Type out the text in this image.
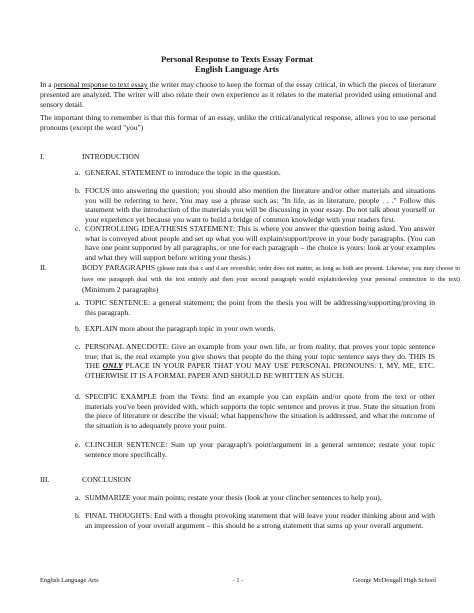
Personal Response to Texts Essay Format
English Language Arts
In a personal response to text essay the writer may choose to keep the format of the essay critical, in which the pieces of literature presented are analyzed. The writer will also relate their own experience as it relates to the material provided using emotional and sensory detail.
The important thing to remember is that this format of an essay, unlike the critical/analytical response, allows you to use personal pronouns (except the word "you")
I.	INTRODUCTION
a. GENERAL STATEMENT to introduce the topic in the question.
b. FOCUS into answering the question; you should also mention the literature and/or other materials and situations you will be referring to here. You may use a phrase such as: "In life, as in literature, people . . ." Follow this statement with the introduction of the materials you will be discussing in your essay. Do not talk about yourself or your experience yet because you want to build a bridge of common knowledge with your readers first.
c. CONTROLLING IDEA/THESIS STATEMENT: This is where you answer the question being asked. You answer what is conveyed about people and set up what you will explain/support/prove in your body paragraphs. (You can have one point supported by all paragraphs, or one for each paragraph – the choice is yours: look at your examples and what they will support before writing your thesis.)
II.	BODY PARAGRAPHS (please note that c and d are reversible; order does not matter, as long as both are present. Likewise, you may choose to have one paragraph deal with the text entirely and then your second paragraph would explain/develop your personal connection to the text) (Minimum 2 paragraphs)
a. TOPIC SENTENCE: a general statement; the point from the thesis you will be addressing/supporting/proving in this paragraph.
b. EXPLAIN more about the paragraph topic in your own words.
c. PERSONAL ANECDOTE: Give an example from your own life, or from reality, that proves your topic sentence true; that is, the real example you give shows that people do the thing your topic sentence says they do. THIS IS THE ONLY PLACE IN YOUR PAPER THAT YOU MAY USE PERSONAL PRONOUNS: I, MY, ME, ETC. OTHERWISE IT IS A FORMAL PAPER AND SHOULD BE WRITTEN AS SUCH.
d. SPECIFIC EXAMPLE from the Texts: find an example you can explain and/or quote from the text or other materials you've been provided with, which supports the topic sentence and proves it true. State the situation from the piece of literature or describe the visual; what happens/how the situation is addressed, and what the outcome of the situation is to adequately prove your point.
e. CLINCHER SENTENCE: Sum up your paragraph's point/argument in a general sentence; restate your topic sentence more specifically.
III.	CONCLUSION
a. SUMMARIZE your main points; restate your thesis (look at your clincher sentences to help you).
b. FINAL THOUGHTS: End with a thought provoking statement that will leave your reader thinking about and with an impression of your overall argument – this should be a strong statement that sums up your overall argument.
English Language Arts	- 1 -	George McDougall High School
